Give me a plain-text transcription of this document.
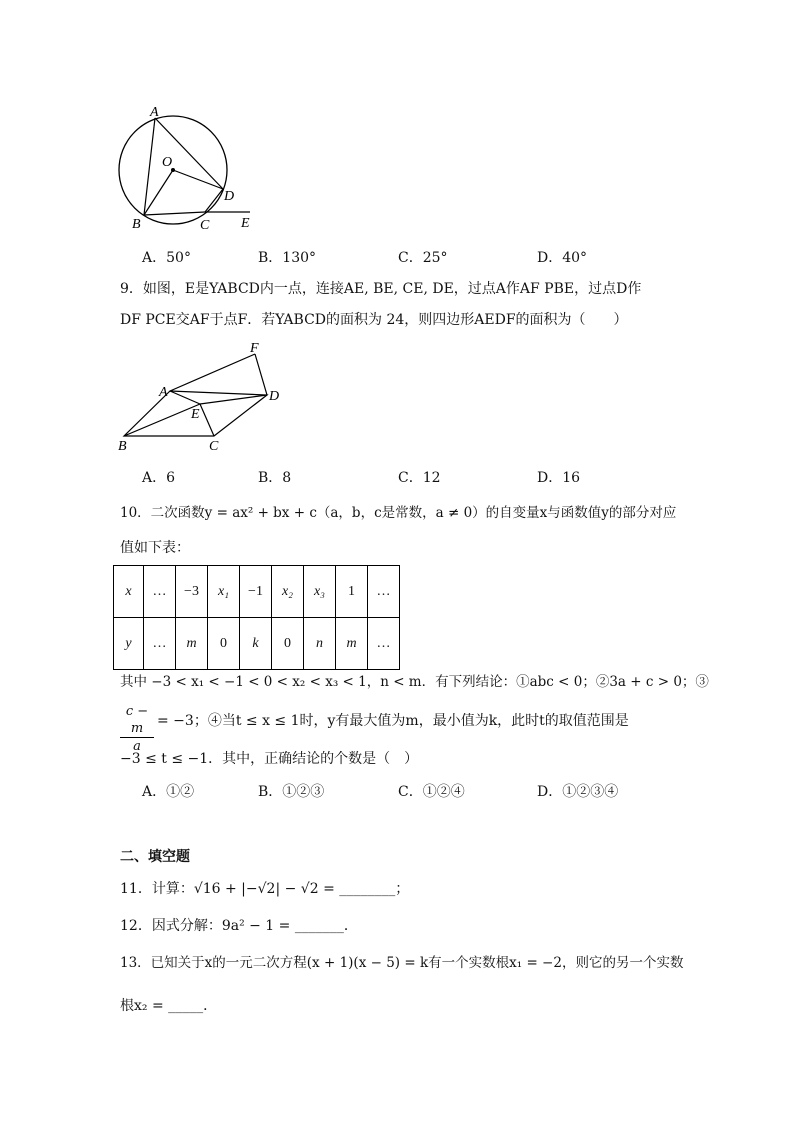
A
O
D
B	C E
A．50°	B．130°	C．25°	D．40°
9．如图，E是YABCD内一点，连接AE, BE, CE, DE，过点A作AF PBE，过点D作
DF PCE交AF于点F．若YABCD的面积为 24，则四边形AEDF的面积为（　　）
F
A	D
E
B	C
A．6	B．8	C．12	D．16
10．二次函数y = ax² + bx + c（a，b，c是常数，a ≠ 0）的自变量x与函数值y的部分对应
值如下表：
x	…	−3	x₁	−1	x₂	x₃	1	…
y	…	m	0	k	0	n	m	…
其中 −3 < x₁ < −1 < 0 < x₂ < x₃ < 1，n < m．有下列结论：①abc < 0；②3a + c > 0；③
$\frac{c - m}{a} = -3$；④当t ≤ x ≤ 1时，y有最大值为m，最小值为k，此时t的取值范围是
−3 ≤ t ≤ −1．其中，正确结论的个数是（　）
A．①②	B．①②③	C．①②④	D．①②③④
二、填空题
11．计算：√16 + |−√2| − √2 = ________；
12．因式分解：9a² − 1 = _______．
13．已知关于x的一元二次方程(x + 1)(x − 5) = k有一个实数根x₁ = −2，则它的另一个实数
根x₂ = _____．
